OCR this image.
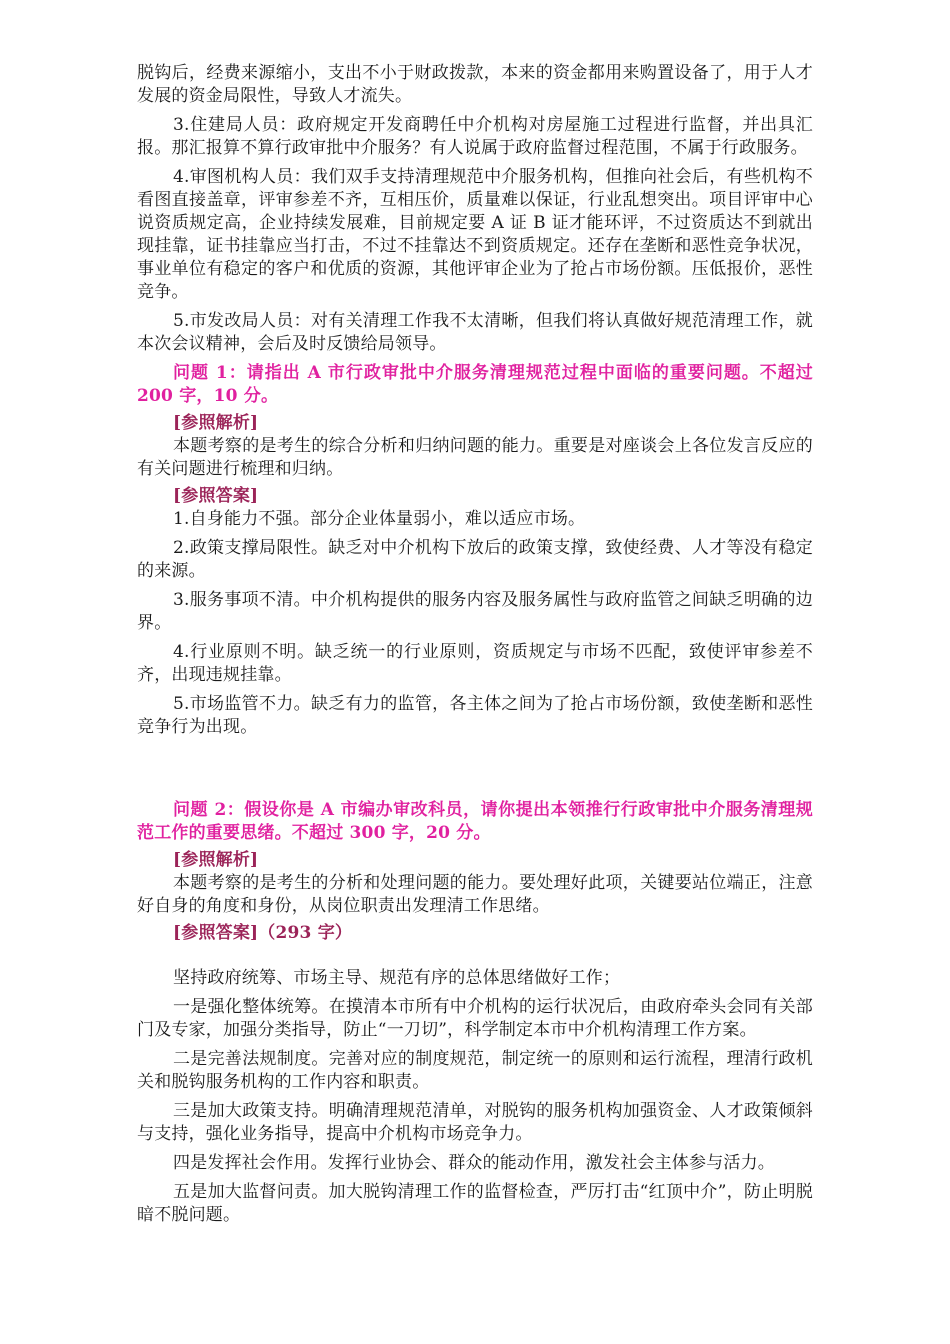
脱钩后，经费来源缩小，支出不小于财政拨款，本来的资金都用来购置设备了，用于人才发展的资金局限性，导致人才流失。

3.住建局人员：政府规定开发商聘任中介机构对房屋施工过程进行监督，并出具汇报。那汇报算不算行政审批中介服务？有人说属于政府监督过程范围，不属于行政服务。

4.审图机构人员：我们双手支持清理规范中介服务机构，但推向社会后，有些机构不看图直接盖章，评审参差不齐，互相压价，质量难以保证，行业乱想突出。项目评审中心说资质规定高，企业持续发展难，目前规定要 A 证 B 证才能环评，不过资质达不到就出现挂靠，证书挂靠应当打击，不过不挂靠达不到资质规定。还存在垄断和恶性竞争状况，事业单位有稳定的客户和优质的资源，其他评审企业为了抢占市场份额。压低报价，恶性竞争。

5.市发改局人员：对有关清理工作我不太清晰，但我们将认真做好规范清理工作，就本次会议精神，会后及时反馈给局领导。

问题 1：请指出 A 市行政审批中介服务清理规范过程中面临的重要问题。不超过 200 字，10 分。

[参照解析]

本题考察的是考生的综合分析和归纳问题的能力。重要是对座谈会上各位发言反应的有关问题进行梳理和归纳。

[参照答案]

1.自身能力不强。部分企业体量弱小，难以适应市场。

2.政策支撑局限性。缺乏对中介机构下放后的政策支撑，致使经费、人才等没有稳定的来源。

3.服务事项不清。中介机构提供的服务内容及服务属性与政府监管之间缺乏明确的边界。

4.行业原则不明。缺乏统一的行业原则，资质规定与市场不匹配，致使评审参差不齐，出现违规挂靠。

5.市场监管不力。缺乏有力的监管，各主体之间为了抢占市场份额，致使垄断和恶性竞争行为出现。

问题 2：假设你是 A 市编办审改科员，请你提出本领推行行政审批中介服务清理规范工作的重要思绪。不超过 300 字，20 分。

[参照解析]

本题考察的是考生的分析和处理问题的能力。要处理好此项，关键要站位端正，注意好自身的角度和身份，从岗位职责出发理清工作思绪。

[参照答案]（293 字）

坚持政府统筹、市场主导、规范有序的总体思绪做好工作；

一是强化整体统筹。在摸清本市所有中介机构的运行状况后，由政府牵头会同有关部门及专家，加强分类指导，防止“一刀切”，科学制定本市中介机构清理工作方案。

二是完善法规制度。完善对应的制度规范，制定统一的原则和运行流程，理清行政机关和脱钩服务机构的工作内容和职责。

三是加大政策支持。明确清理规范清单，对脱钩的服务机构加强资金、人才政策倾斜与支持，强化业务指导，提高中介机构市场竞争力。

四是发挥社会作用。发挥行业协会、群众的能动作用，激发社会主体参与活力。

五是加大监督问责。加大脱钩清理工作的监督检查，严厉打击“红顶中介”，防止明脱暗不脱问题。
